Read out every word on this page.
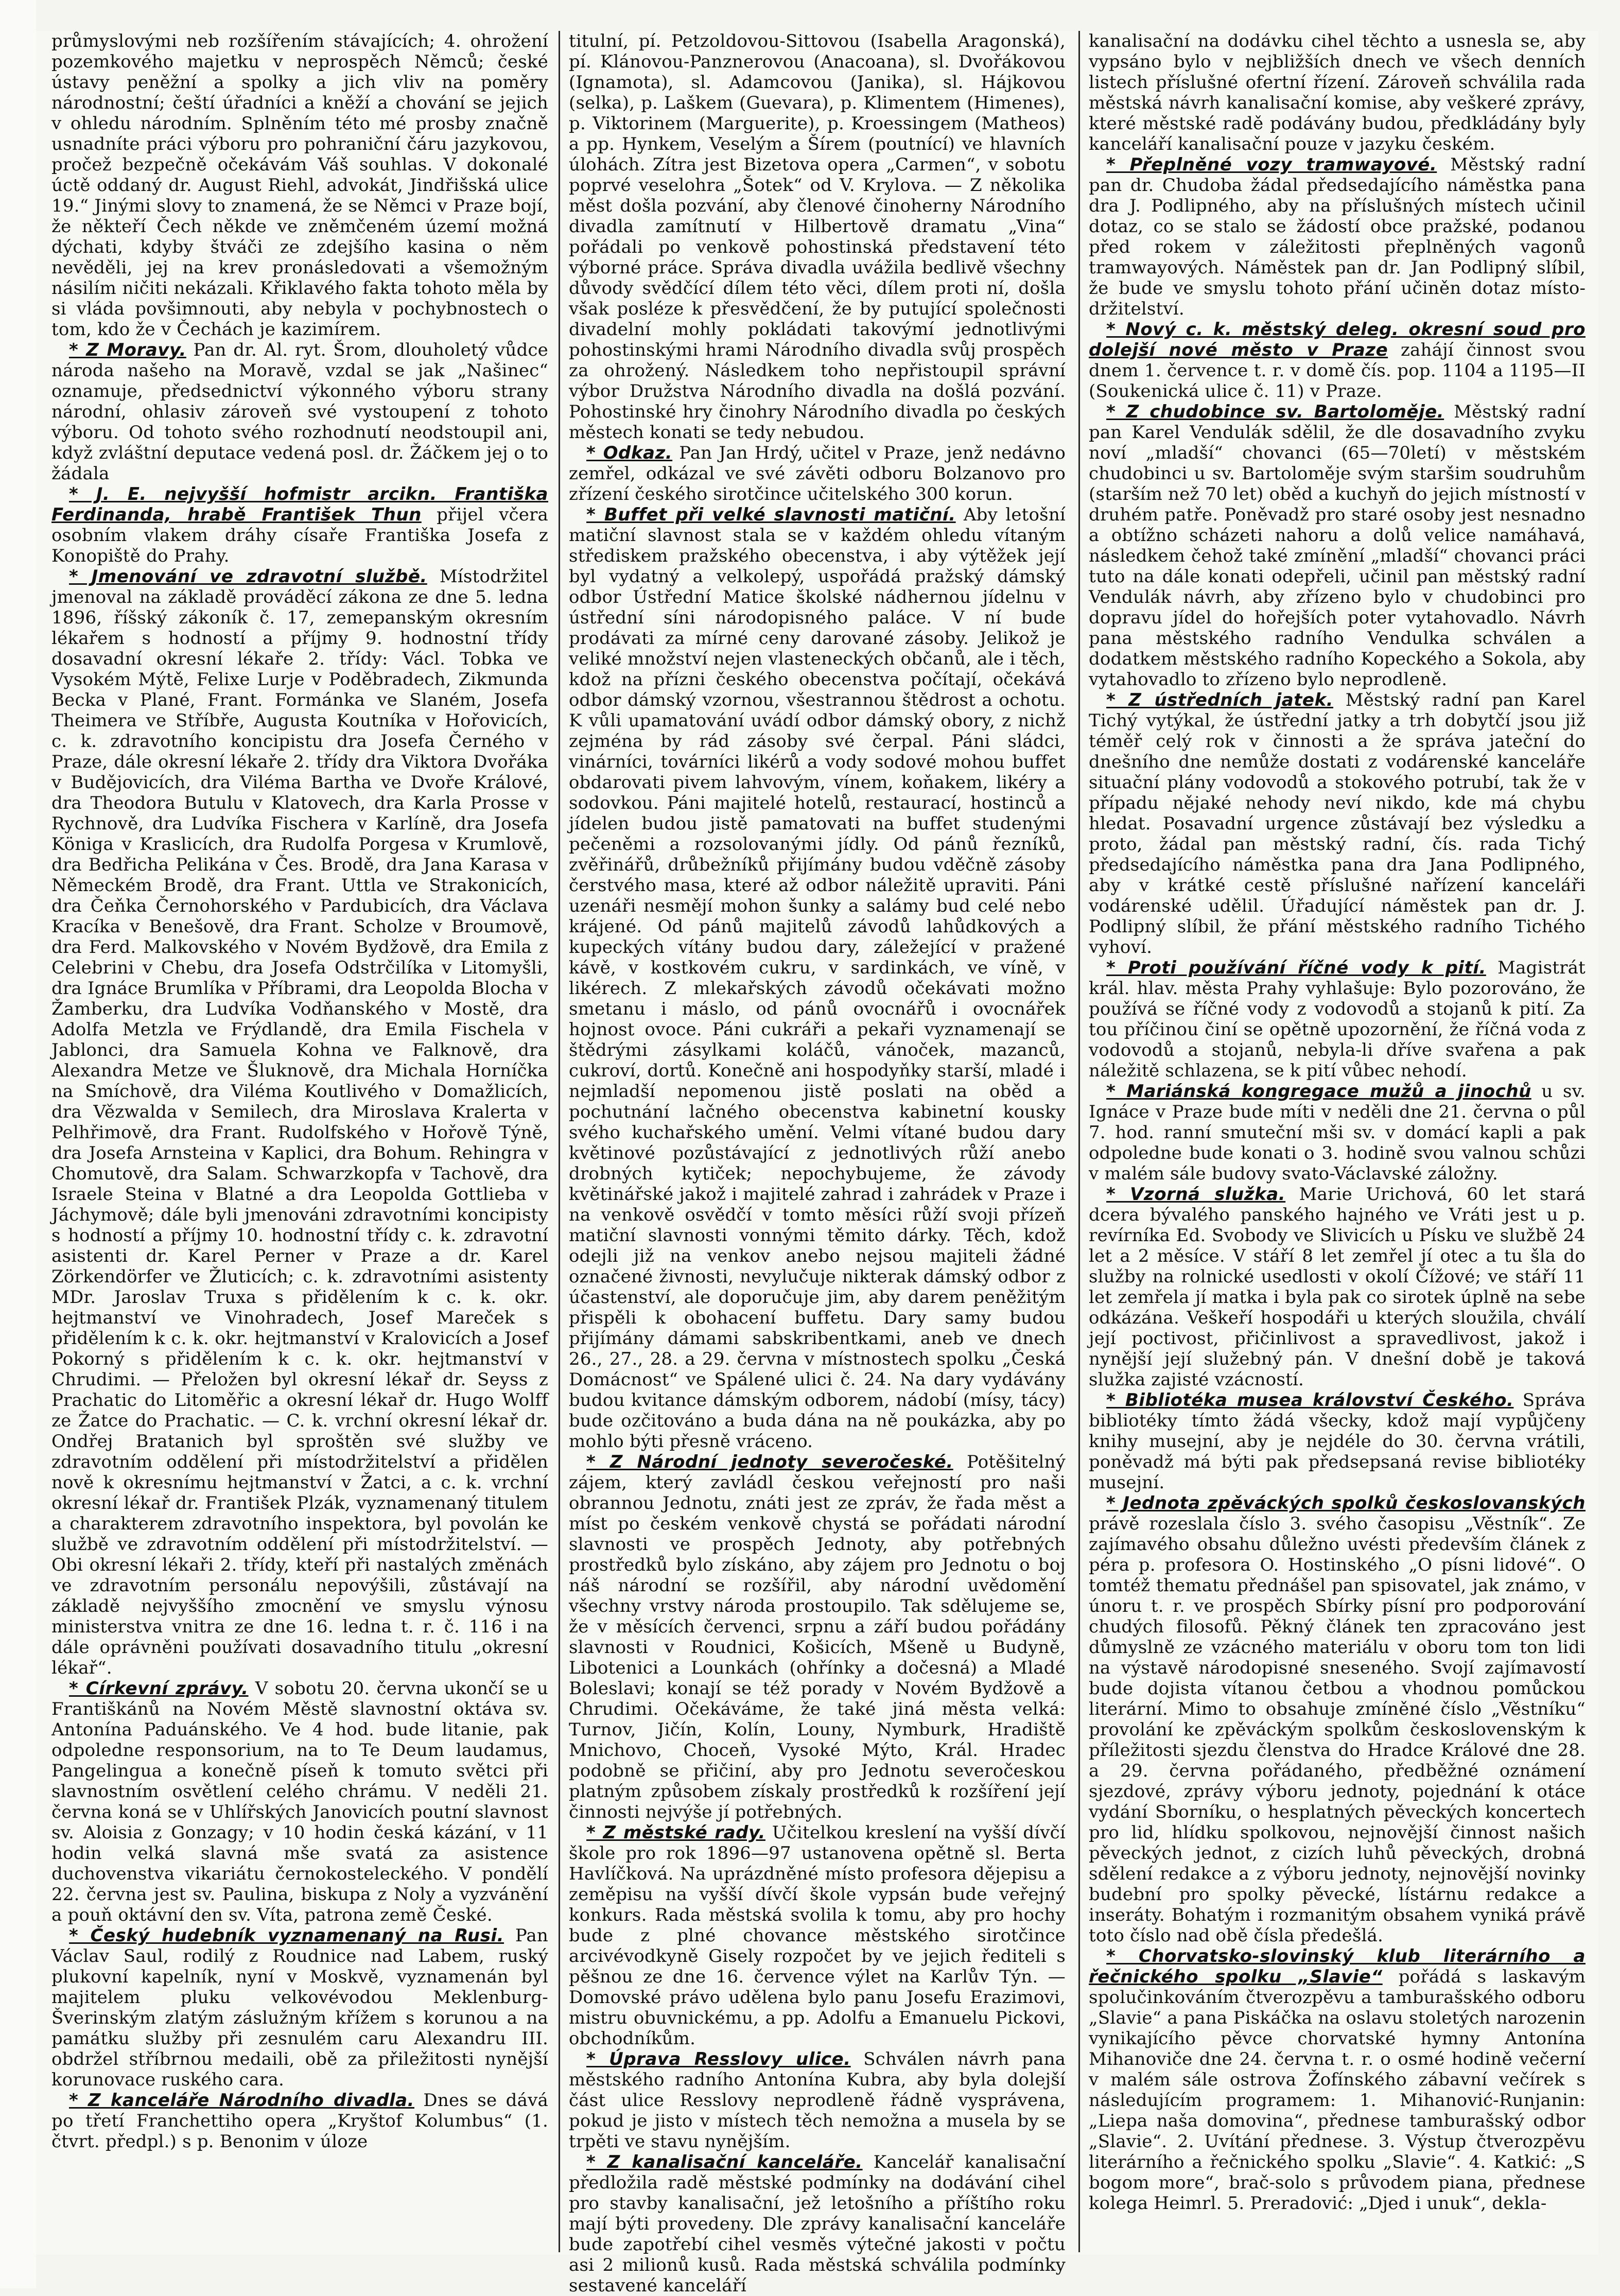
průmyslovými neb rozšířením stávajících; 4. ohrožení pozemkového majetku v neprospěch Němců; české ústavy peněžní a spolky a jich vliv na poměry národnostní; čeští úřadníci a kněží a chování se jejich v ohledu národním. Splněním této mé prosby značně usnadníte práci výboru pro pohraniční čáru jazykovou, pročež bezpečně očekávám Váš souhlas. V dokonalé úctě oddaný dr. August Riehl, advokát, Jindřišská ulice 19.“ Jinými slovy to znamená, že se Němci v Praze bojí, že někteří Čech někde ve zněmčeném území možná dýchati, kdyby štváči ze zdejšího kasina o něm nevěděli, jej na krev pronásledovati a všemožným násilím ničiti nekázali. Křiklavého fakta tohoto měla by si vláda povšimnouti, aby nebyla v pochybnostech o tom, kdo že v Čechách je kazimírem.

* Z Moravy. Pan dr. Al. ryt. Šrom, dlouholetý vůdce národa našeho na Moravě, vzdal se jak „Našinec“ oznamuje, předsednictví výkonného výboru strany národní, ohlasiv zároveň své vystoupení z tohoto výboru. Od tohoto svého rozhodnutí neodstoupil ani, když zvláštní deputace vedená posl. dr. Žáčkem jej o to žádala

* J. E. nejvyšší hofmistr arcikn. Františka Ferdinanda, hrabě František Thun přijel včera osobním vlakem dráhy císaře Františka Josefa z Konopiště do Prahy.

* Jmenování ve zdravotní službě. Místodržitel jmenoval na základě prováděcí zákona ze dne 5. ledna 1896, říšský zákoník č. 17, zemepanským okresním lékařem s hodností a příjmy 9. hodnostní třídy dosavadní okresní lékaře 2. třídy: Václ. Tobka ve Vysokém Mýtě, Felixe Lurje v Poděbradech, Zikmunda Becka v Plané, Frant. Formánka ve Slaném, Josefa Theimera ve Stříbře, Augusta Koutníka v Hořovicích, c. k. zdravotního koncipistu dra Josefa Černého v Praze, dále okresní lékaře 2. třídy dra Viktora Dvořáka v Budějovicích, dra Viléma Bartha ve Dvoře Králové, dra Theodora Butulu v Klatovech, dra Karla Prosse v Rychnově, dra Ludvíka Fischera v Karlíně, dra Josefa Königa v Kraslicích, dra Rudolfa Porgesa v Krumlově, dra Bedřicha Pelikána v Čes. Brodě, dra Jana Karasa v Německém Brodě, dra Frant. Uttla ve Strakonicích, dra Čeňka Černohorského v Pardubicích, dra Václava Kracíka v Benešově, dra Frant. Scholze v Broumově, dra Ferd. Malkovského v Novém Bydžově, dra Emila z Celebrini v Chebu, dra Josefa Odstrčilíka v Litomyšli, dra Ignáce Brumlíka v Příbrami, dra Leopolda Blocha v Žamberku, dra Ludvíka Vodňanského v Mostě, dra Adolfa Metzla ve Frýdlandě, dra Emila Fischela v Jablonci, dra Samuela Kohna ve Falknově, dra Alexandra Metze ve Šluknově, dra Michala Horníčka na Smíchově, dra Viléma Koutlivého v Domažlicích, dra Vězwalda v Semilech, dra Miroslava Kralerta v Pelhřimově, dra Frant. Rudolfského v Hořově Týně, dra Josefa Arnsteina v Kaplici, dra Bohum. Rehingra v Chomutově, dra Salam. Schwarzkopfa v Tachově, dra Israele Steina v Blatné a dra Leopolda Gottlieba v Jáchymově; dále byli jmenováni zdravotními koncipisty s hodností a příjmy 10. hodnostní třídy c. k. zdravotní asistenti dr. Karel Perner v Praze a dr. Karel Zörkendörfer ve Žluticích; c. k. zdravotními asistenty MDr. Jaroslav Truxa s přidělením k c. k. okr. hejtmanství ve Vinohradech, Josef Mareček s přidělením k c. k. okr. hejtmanství v Kralovicích a Josef Pokorný s přidělením k c. k. okr. hejtmanství v Chrudimi. — Přeložen byl okresní lékař dr. Seyss z Prachatic do Litoměřic a okresní lékař dr. Hugo Wolff ze Žatce do Prachatic. — C. k. vrchní okresní lékař dr. Ondřej Bratanich byl sproštěn své služby ve zdravotním oddělení při místodržitelství a přidělen nově k okresnímu hejtmanství v Žatci, a c. k. vrchní okresní lékař dr. František Plzák, vyznamenaný titulem a charakterem zdravotního inspektora, byl povolán ke službě ve zdravotním oddělení při místodržitelství. — Obi okresní lékaři 2. třídy, kteří při nastalých změnách ve zdravotním personálu nepovýšili, zůstávají na základě nejvyššího zmocnění ve smyslu výnosu ministerstva vnitra ze dne 16. ledna t. r. č. 116 i na dále oprávněni používati dosavadního titulu „okresní lékař“.

* Církevní zprávy. V sobotu 20. června ukončí se u Františkánů na Novém Městě slavnostní oktáva sv. Antonína Paduánského. Ve 4 hod. bude litanie, pak odpoledne responsorium, na to Te Deum laudamus, Pangelingua a konečně píseň k tomuto světci při slavnostním osvětlení celého chrámu. V neděli 21. června koná se v Uhlířských Janovicích poutní slavnost sv. Aloisia z Gonzagy; v 10 hodin česká kázání, v 11 hodin velká slavná mše svatá za asistence duchovenstva vikariátu černokosteleckého. V pondělí 22. června jest sv. Paulina, biskupa z Noly a vyzvánění a pouň oktávní den sv. Víta, patrona země České.

* Český hudebník vyznamenaný na Rusi. Pan Václav Saul, rodilý z Roudnice nad Labem, ruský plukovní kapelník, nyní v Moskvě, vyznamenán byl majitelem pluku velkovévodou Meklenburg-Šverinským zlatým záslužným křížem s korunou a na památku služby při zesnulém caru Alexandru III. obdržel stříbrnou medaili, obě za přiležitosti nynější korunovace ruského cara.

* Z kanceláře Národního divadla. Dnes se dává po třetí Franchettiho opera „Kryštof Kolumbus“ (1. čtvrt. předpl.) s p. Benonim v úloze

titulní, pí. Petzoldovou-Sittovou (Isabella Aragonská), pí. Klánovou-Panznerovou (Anacoana), sl. Dvořákovou (Ignamota), sl. Adamcovou (Janika), sl. Hájkovou (selka), p. Laškem (Guevara), p. Klimentem (Himenes), p. Viktorinem (Marguerite), p. Kroessingem (Matheos) a pp. Hynkem, Veselým a Šírem (poutnící) ve hlavních úlohách. Zítra jest Bizetova opera „Carmen“, v sobotu poprvé veselohra „Šotek“ od V. Krylova. — Z několika měst došla pozvání, aby členové činoherny Národního divadla zamítnutí v Hilbertově dramatu „Vina“ pořádali po venkově pohostinská představení této výborné práce. Správa divadla uvážila bedlivě všechny důvody svědčící dílem této věci, dílem proti ní, došla však posléze k přesvědčení, že by putující společnosti divadelní mohly pokládati takovýmí jednotlivými pohostinskými hrami Národního divadla svůj prospěch za ohrožený. Následkem toho nepřistoupil správní výbor Družstva Národního divadla na došlá pozvání. Pohostinské hry činohry Národního divadla po českých městech konati se tedy nebudou.

* Odkaz. Pan Jan Hrdý, učitel v Praze, jenž nedávno zemřel, odkázal ve své závěti odboru Bolzanovo pro zřízení českého sirotčince učitelského 300 korun.

* Buffet při velké slavnosti matiční. Aby letošní matiční slavnost stala se v každém ohledu vítaným střediskem pražského obecenstva, i aby výtěžek její byl vydatný a velkolepý, uspořádá pražský dámský odbor Ústřední Matice školské nádhernou jídelnu v ústřední síni národopisného paláce. V ní bude prodávati za mírné ceny darované zásoby. Jelikož je veliké množství nejen vlasteneckých občanů, ale i těch, kdož na přízni českého obecenstva počítají, očekává odbor dámský vzornou, všestrannou štědrost a ochotu. K vůli upamatování uvádí odbor dámský obory, z nichž zejména by rád zásoby své čerpal. Páni sládci, vinárníci, továrníci likérů a vody sodové mohou buffet obdarovati pivem lahvovým, vínem, koňakem, likéry a sodovkou. Páni majitelé hotelů, restaurací, hostinců a jídelen budou jistě pamatovati na buffet studenými pečeněmi a rozsolovanými jídly. Od pánů řezníků, zvěřinářů, drůbežníků přijímány budou vděčně zásoby čerstvého masa, které až odbor náležitě upraviti. Páni uzenáři nesmějí mohon šunky a salámy bud celé nebo krájené. Od pánů majitelů závodů lahůdkových a kupeckých vítány budou dary, záležející v pražené kávě, v kostkovém cukru, v sardinkách, ve víně, v likérech. Z mlekařských závodů očekávati možno smetanu i máslo, od pánů ovocnářů i ovocnářek hojnost ovoce. Páni cukráři a pekaři vyznamenají se štědrými zásylkami koláčů, vánoček, mazanců, cukroví, dortů. Konečně ani hospodyňky starší, mladé i nejmladší nepomenou jistě poslati na oběd a pochutnání lačného obecenstva kabinetní kousky svého kuchařského umění. Velmi vítané budou dary květinové pozůstávající z jednotlivých růží anebo drobných kytiček; nepochybujeme, že závody květinářské jakož i majitelé zahrad i zahrádek v Praze i na venkově osvědčí v tomto měsíci růží svoji přízeň matiční slavnosti vonnými těmito dárky. Těch, kdož odejli již na venkov anebo nejsou majiteli žádné označené živnosti, nevylučuje nikterak dámský odbor z účastenství, ale doporučuje jim, aby darem peněžitým přispěli k obohacení buffetu. Dary samy budou přijímány dámami sabskribentkami, aneb ve dnech 26., 27., 28. a 29. června v místnostech spolku „Česká Domácnost“ ve Spálené ulici č. 24. Na dary vydávány budou kvitance dámským odborem, nádobí (mísy, tácy) bude ozčitováno a buda dána na ně poukázka, aby po mohlo býti přesně vráceno.

* Z Národní jednoty severočeské. Potěšitelný zájem, který zavládl českou veřejností pro naši obrannou Jednotu, znáti jest ze zpráv, že řada měst a míst po českém venkově chystá se pořádati národní slavnosti ve prospěch Jednoty, aby potřebných prostředků bylo získáno, aby zájem pro Jednotu o boj náš národní se rozšířil, aby národní uvědomění všechny vrstvy národa prostoupilo. Tak sdělujeme se, že v měsících červenci, srpnu a září budou pořádány slavnosti v Roudnici, Košicích, Mšeně u Budyně, Libotenici a Lounkách (ohřínky a dočesná) a Mladé Boleslavi; konají se též porady v Novém Bydžově a Chrudimi. Očekáváme, že také jiná města velká: Turnov, Jičín, Kolín, Louny, Nymburk, Hradiště Mnichovo, Choceň, Vysoké Mýto, Král. Hradec podobně se přičiní, aby pro Jednotu severočeskou platným způsobem získaly prostředků k rozšíření její činnosti nejvýše jí potřebných.

* Z městské rady. Učitelkou kreslení na vyšší dívčí škole pro rok 1896—97 ustanovena opětně sl. Berta Havlíčková. Na uprázdněné místo profesora dějepisu a zeměpisu na vyšší dívčí škole vypsán bude veřejný konkurs. Rada městská svolila k tomu, aby pro hochy bude z plné chovance městského sirotčince arcivévodkyně Gisely rozpočet by ve jejich řediteli s pěšnou ze dne 16. července výlet na Karlův Týn. — Domovské právo udělena bylo panu Josefu Erazimovi, mistru obuvnickému, a pp. Adolfu a Emanuelu Pickovi, obchodníkům.

* Úprava Resslovy ulice. Schválen návrh pana městského radního Antonína Kubra, aby byla dolejší část ulice Resslovy neprodleně řádně vysprávena, pokud je jisto v místech těch nemožna a musela by se trpěti ve stavu nynějším.

* Z kanalisační kanceláře. Kancelář kanalisační předložila radě městské podmínky na dodávání cihel pro stavby kanalisační, jež letošního a příštího roku mají býti provedeny. Dle zprávy kanalisační kanceláře bude zapotřebí cihel vesměs výtečné jakosti v počtu asi 2 milionů kusů. Rada městská schválila podmínky sestavené kanceláří

kanalisační na dodávku cihel těchto a usnesla se, aby vypsáno bylo v nejbližších dnech ve všech denních listech příslušné ofertní řízení. Zároveň schválila rada městská návrh kanalisační komise, aby veškeré zprávy, které městské radě podávány budou, předkládány byly kanceláří kanalisační pouze v jazyku českém.

* Přeplněné vozy tramwayové. Městský radní pan dr. Chudoba žádal předsedajícího náměstka pana dra J. Podlipného, aby na příslušných místech učinil dotaz, co se stalo se žádostí obce pražské, podanou před rokem v záležitosti přeplněných vagonů tramwayových. Náměstek pan dr. Jan Podlipný slíbil, že bude ve smyslu tohoto přání učiněn dotaz místodržitelství.

* Nový c. k. městský deleg. okresní soud pro dolejší nové město v Praze zahájí činnost svou dnem 1. července t. r. v domě čís. pop. 1104 a 1195—II (Soukenická ulice č. 11) v Praze.

* Z chudobince sv. Bartoloměje. Městský radní pan Karel Vendulák sdělil, že dle dosavadního zvyku noví „mladší“ chovanci (65—70letí) v městském chudobinci u sv. Bartoloměje svým staršim soudruhům (starším než 70 let) oběd a kuchyň do jejich místností v druhém patře. Poněvadž pro staré osoby jest nesnadno a obtížno scházeti nahoru a dolů velice namáhavá, následkem čehož také zmínění „mladší“ chovanci práci tuto na dále konati odepřeli, učinil pan městský radní Vendulák návrh, aby zřízeno bylo v chudobinci pro dopravu jídel do hořejších poter vytahovadlo. Návrh pana městského radního Vendulka schválen a dodatkem městského radního Kopeckého a Sokola, aby vytahovadlo to zřízeno bylo neprodleně.

* Z ústředních jatek. Městský radní pan Karel Tichý vytýkal, že ústřední jatky a trh dobytčí jsou již téměř celý rok v činnosti a že správa jateční do dnešního dne nemůže dostati z vodárenské kanceláře situační plány vodovodů a stokového potrubí, tak že v případu nějaké nehody neví nikdo, kde má chybu hledat. Posavadní urgence zůstávají bez výsledku a proto, žádal pan městský radní, čís. rada Tichý předsedajícího náměstka pana dra Jana Podlipného, aby v krátké cestě příslušné nařízení kanceláři vodárenské udělil. Úřadující náměstek pan dr. J. Podlipný slíbil, že přání městského radního Tichého vyhoví.

* Proti používání říčné vody k pití. Magistrát král. hlav. města Prahy vyhlašuje: Bylo pozorováno, že používá se říčné vody z vodovodů a stojanů k pití. Za tou příčinou činí se opětně upozornění, že říčná voda z vodovodů a stojanů, nebyla-li dříve svařena a pak náležitě schlazena, se k pití vůbec nehodí.

* Mariánská kongregace mužů a jinochů u sv. Ignáce v Praze bude míti v neděli dne 21. června o půl 7. hod. ranní smuteční mši sv. v domácí kapli a pak odpoledne bude konati o 3. hodině svou valnou schůzi v malém sále budovy svato-Václavské záložny.

* Vzorná služka. Marie Urichová, 60 let stará dcera bývalého panského hajného ve Vráti jest u p. revírníka Ed. Svobody ve Slivicích u Písku ve službě 24 let a 2 měsíce. V stáří 8 let zemřel jí otec a tu šla do služby na rolnické usedlosti v okolí Čížové; ve stáří 11 let zemřela jí matka i byla pak co sirotek úplně na sebe odkázána. Veškeří hospodáři u kterých sloužila, chválí její poctivost, přičinlivost a spravedlivost, jakož i nynější její služebný pán. V dnešní době je taková služka zajisté vzácností.

* Bibliotéka musea království Českého. Správa bibliotéky tímto žádá všecky, kdož mají vypůjčeny knihy musejní, aby je nejdéle do 30. června vrátili, poněvadž má býti pak předsepsaná revise bibliotéky musejní.

* Jednota zpěváckých spolků českoslovanských právě rozeslala číslo 3. svého časopisu „Věstník“. Ze zajímavého obsahu důležno uvésti především článek z péra p. profesora O. Hostinského „O písni lidové“. O tomtéž thematu přednášel pan spisovatel, jak známo, v únoru t. r. ve prospěch Sbírky písní pro podporování chudých filosofů. Pěkný článek ten zpracováno jest důmyslně ze vzácného materiálu v oboru tom ton lidi na výstavě národopisné snesenéhо. Svojí zajímavostí bude dojista vítanou četbou a vhodnou pomůckou literární. Mimo to obsahuje zmíněné číslo „Věstníku“ provolání ke zpěváckým spolkům československým k příležitosti sjezdu členstva do Hradce Králové dne 28. a 29. června pořádaného, předběžné oznámení sjezdové, zprávy výboru jednoty, pojednání k otáce vydání Sborníku, o hesplatných pěveckých koncertech pro lid, hlídku spolkovou, nejnovější činnost našich pěveckých jednot, z cizích luhů pěveckých, drobná sdělení redakce a z výboru jednoty, nejnovější novinky budební pro spolky pěvecké, lístárnu redakce a inseráty. Bohatým i rozmanitým obsahem vyniká právě toto číslo nad obě čísla předešlá.

* Chorvatsko-slovinský klub literárního a řečnického spolku „Slavie“ pořádá s laskavým spolučinkováním čtverozpěvu a tamburašského odboru „Slavie“ a pana Piskáčka na oslavu stoletých narozenin vynikajícího pěvce chorvatské hymny Antonína Mihanoviče dne 24. června t. r. o osmé hodině večerní v malém sále ostrova Žofínského zábavní večírek s následujícím programem: 1. Mihanović-Runjanin: „Liepa naša domovina“, přednese tamburašský odbor „Slavie“. 2. Uvítání přednese. 3. Výstup čtverozpěvu literárního a řečnického spolku „Slavie“. 4. Katkić: „S bogom more“, brač-solo s průvodem piana, přednese kolega Heimrl. 5. Preradović: „Djed i unuk“, dekla-
